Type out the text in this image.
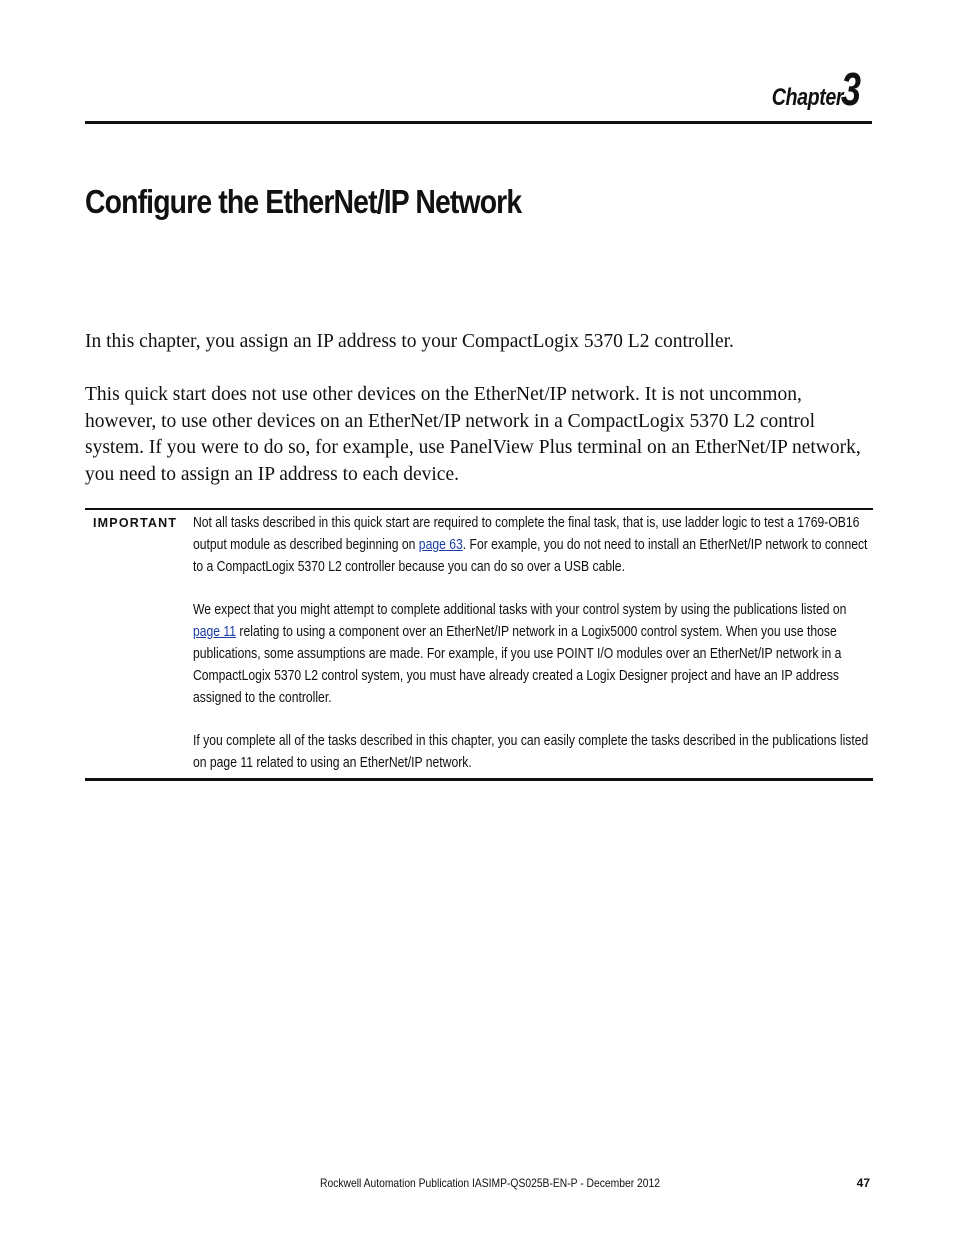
Chapter
3
Configure the EtherNet/IP Network

In this chapter, you assign an IP address to your CompactLogix 5370 L2 controller.

This quick start does not use other devices on the EtherNet/IP network. It is not uncommon, however, to use other devices on an EtherNet/IP network in a CompactLogix 5370 L2 control system. If you were to do so, for example, use PanelView Plus terminal on an EtherNet/IP network, you need to assign an IP address to each device.

IMPORTANT Not all tasks described in this quick start are required to complete the final task, that is, use ladder logic to test a 1769-OB16 output module as described beginning on page 63. For example, you do not need to install an EtherNet/IP network to connect to a CompactLogix 5370 L2 controller because you can do so over a USB cable.

We expect that you might attempt to complete additional tasks with your control system by using the publications listed on page 11 relating to using a component over an EtherNet/IP network in a Logix5000 control system. When you use those publications, some assumptions are made. For example, if you use POINT I/O modules over an EtherNet/IP network in a CompactLogix 5370 L2 control system, you must have already created a Logix Designer project and have an IP address assigned to the controller.

If you complete all of the tasks described in this chapter, you can easily complete the tasks described in the publications listed on page 11 related to using an EtherNet/IP network.

Rockwell Automation Publication IASIMP-QS025B-EN-P - December 2012	47
